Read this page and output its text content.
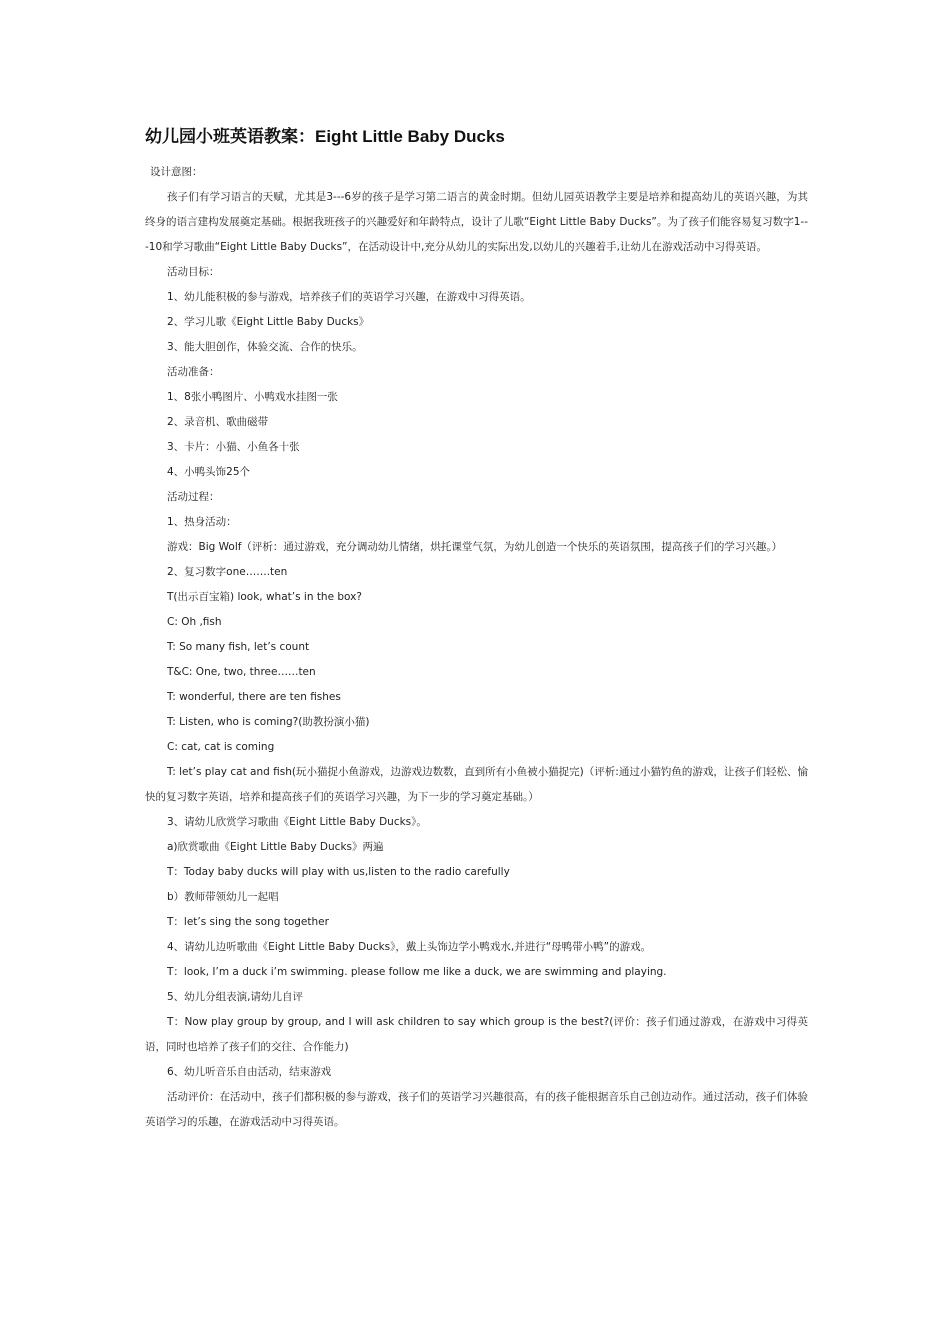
幼儿园小班英语教案：Eight Little Baby Ducks

设计意图：

孩子们有学习语言的天赋，尤其是3---6岁的孩子是学习第二语言的黄金时期。但幼儿园英语教学主要是培养和提高幼儿的英语兴趣，为其终身的语言建构发展奠定基础。根据我班孩子的兴趣爱好和年龄特点，设计了儿歌“Eight Little Baby Ducks”。为了孩子们能容易复习数字1---10和学习歌曲“Eight Little Baby Ducks”，在活动设计中,充分从幼儿的实际出发,以幼儿的兴趣着手,让幼儿在游戏活动中习得英语。

活动目标：

1、幼儿能积极的参与游戏，培养孩子们的英语学习兴趣，在游戏中习得英语。

2、学习儿歌《Eight Little Baby Ducks》

3、能大胆创作，体验交流、合作的快乐。

活动准备：

1、8张小鸭图片、小鸭戏水挂图一张

2、录音机、歌曲磁带

3、卡片：小猫、小鱼各十张

4、小鸭头饰25个

活动过程：

1、热身活动：

游戏：Big Wolf（评析：通过游戏，充分调动幼儿情绪，烘托课堂气氛，为幼儿创造一个快乐的英语氛围，提高孩子们的学习兴趣。）

2、复习数字one…….ten

T(出示百宝箱) look, what’s in the box?

C: Oh ,fish

T: So many fish, let’s count

T&C: One, two, three……ten

T: wonderful, there are ten fishes

T: Listen, who is coming?(助教扮演小猫)

C: cat, cat is coming

T: let’s play cat and fish(玩小猫捉小鱼游戏，边游戏边数数，直到所有小鱼被小猫捉完)（评析:通过小猫钓鱼的游戏，让孩子们轻松、愉快的复习数字英语，培养和提高孩子们的英语学习兴趣，为下一步的学习奠定基础。）

3、请幼儿欣赏学习歌曲《Eight Little Baby Ducks》。

a)欣赏歌曲《Eight Little Baby Ducks》两遍

T：Today baby ducks will play with us,listen to the radio carefully

b）教师带领幼儿一起唱

T：let’s sing the song together

4、请幼儿边听歌曲《Eight Little Baby Ducks》，戴上头饰边学小鸭戏水,并进行“母鸭带小鸭”的游戏。

T：look, I’m a duck i’m swimming. please follow me like a duck, we are swimming and playing.

5、幼儿分组表演,请幼儿自评

T：Now play group by group, and I will ask children to say which group is the best?(评价：孩子们通过游戏，在游戏中习得英语，同时也培养了孩子们的交往、合作能力)

6、幼儿听音乐自由活动，结束游戏

活动评价：在活动中，孩子们都积极的参与游戏，孩子们的英语学习兴趣很高，有的孩子能根据音乐自己创边动作。通过活动，孩子们体验英语学习的乐趣，在游戏活动中习得英语。
